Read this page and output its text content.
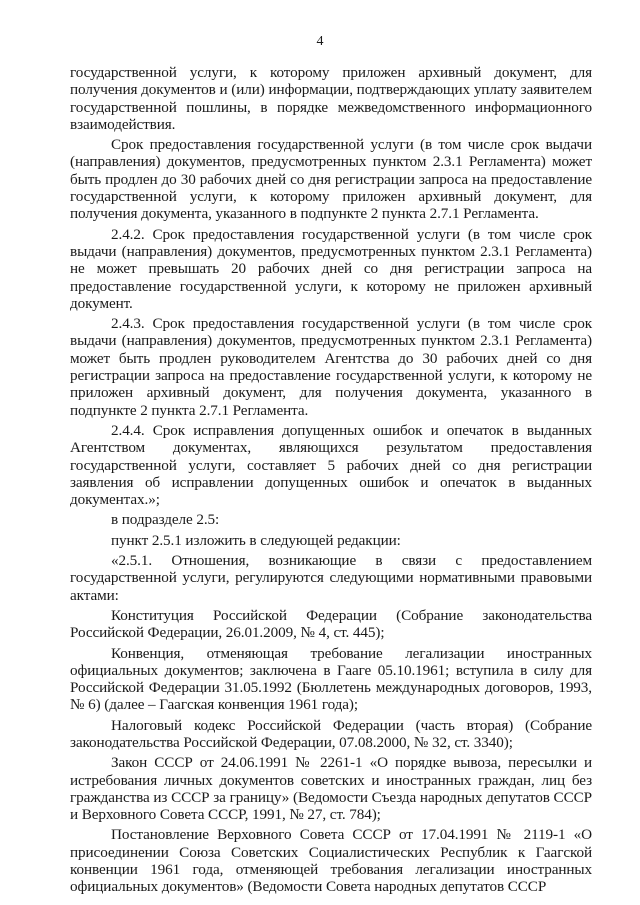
4

государственной услуги, к которому приложен архивный документ, для получения документов и (или) информации, подтверждающих уплату заявителем государственной пошлины, в порядке межведомственного информационного взаимодействия.

Срок предоставления государственной услуги (в том числе срок выдачи (направления) документов, предусмотренных пунктом 2.3.1 Регламента) может быть продлен до 30 рабочих дней со дня регистрации запроса на предоставление государственной услуги, к которому приложен архивный документ, для получения документа, указанного в подпункте 2 пункта 2.7.1 Регламента.

2.4.2. Срок предоставления государственной услуги (в том числе срок выдачи (направления) документов, предусмотренных пунктом 2.3.1 Регламента) не может превышать 20 рабочих дней со дня регистрации запроса на предоставление государственной услуги, к которому не приложен архивный документ.

2.4.3. Срок предоставления государственной услуги (в том числе срок выдачи (направления) документов, предусмотренных пунктом 2.3.1 Регламента) может быть продлен руководителем Агентства до 30 рабочих дней со дня регистрации запроса на предоставление государственной услуги, к которому не приложен архивный документ, для получения документа, указанного в подпункте 2 пункта 2.7.1 Регламента.

2.4.4. Срок исправления допущенных ошибок и опечаток в выданных Агентством документах, являющихся результатом предоставления государственной услуги, составляет 5 рабочих дней со дня регистрации заявления об исправлении допущенных ошибок и опечаток в выданных документах.»;

в подразделе 2.5:

пункт 2.5.1 изложить в следующей редакции:

«2.5.1. Отношения, возникающие в связи с предоставлением государственной услуги, регулируются следующими нормативными правовыми актами:

Конституция Российской Федерации (Собрание законодательства Российской Федерации, 26.01.2009, № 4, ст. 445);

Конвенция, отменяющая требование легализации иностранных официальных документов; заключена в Гааге 05.10.1961; вступила в силу для Российской Федерации 31.05.1992 (Бюллетень международных договоров, 1993, № 6) (далее – Гаагская конвенция 1961 года);

Налоговый кодекс Российской Федерации (часть вторая) (Собрание законодательства Российской Федерации, 07.08.2000, № 32, ст. 3340);

Закон СССР от 24.06.1991 № 2261-1 «О порядке вывоза, пересылки и истребования личных документов советских и иностранных граждан, лиц без гражданства из СССР за границу» (Ведомости Съезда народных депутатов СССР и Верховного Совета СССР, 1991, № 27, ст. 784);

Постановление Верховного Совета СССР от 17.04.1991 № 2119-1 «О присоединении Союза Советских Социалистических Республик к Гаагской конвенции 1961 года, отменяющей требования легализации иностранных официальных документов» (Ведомости Совета народных депутатов СССР
